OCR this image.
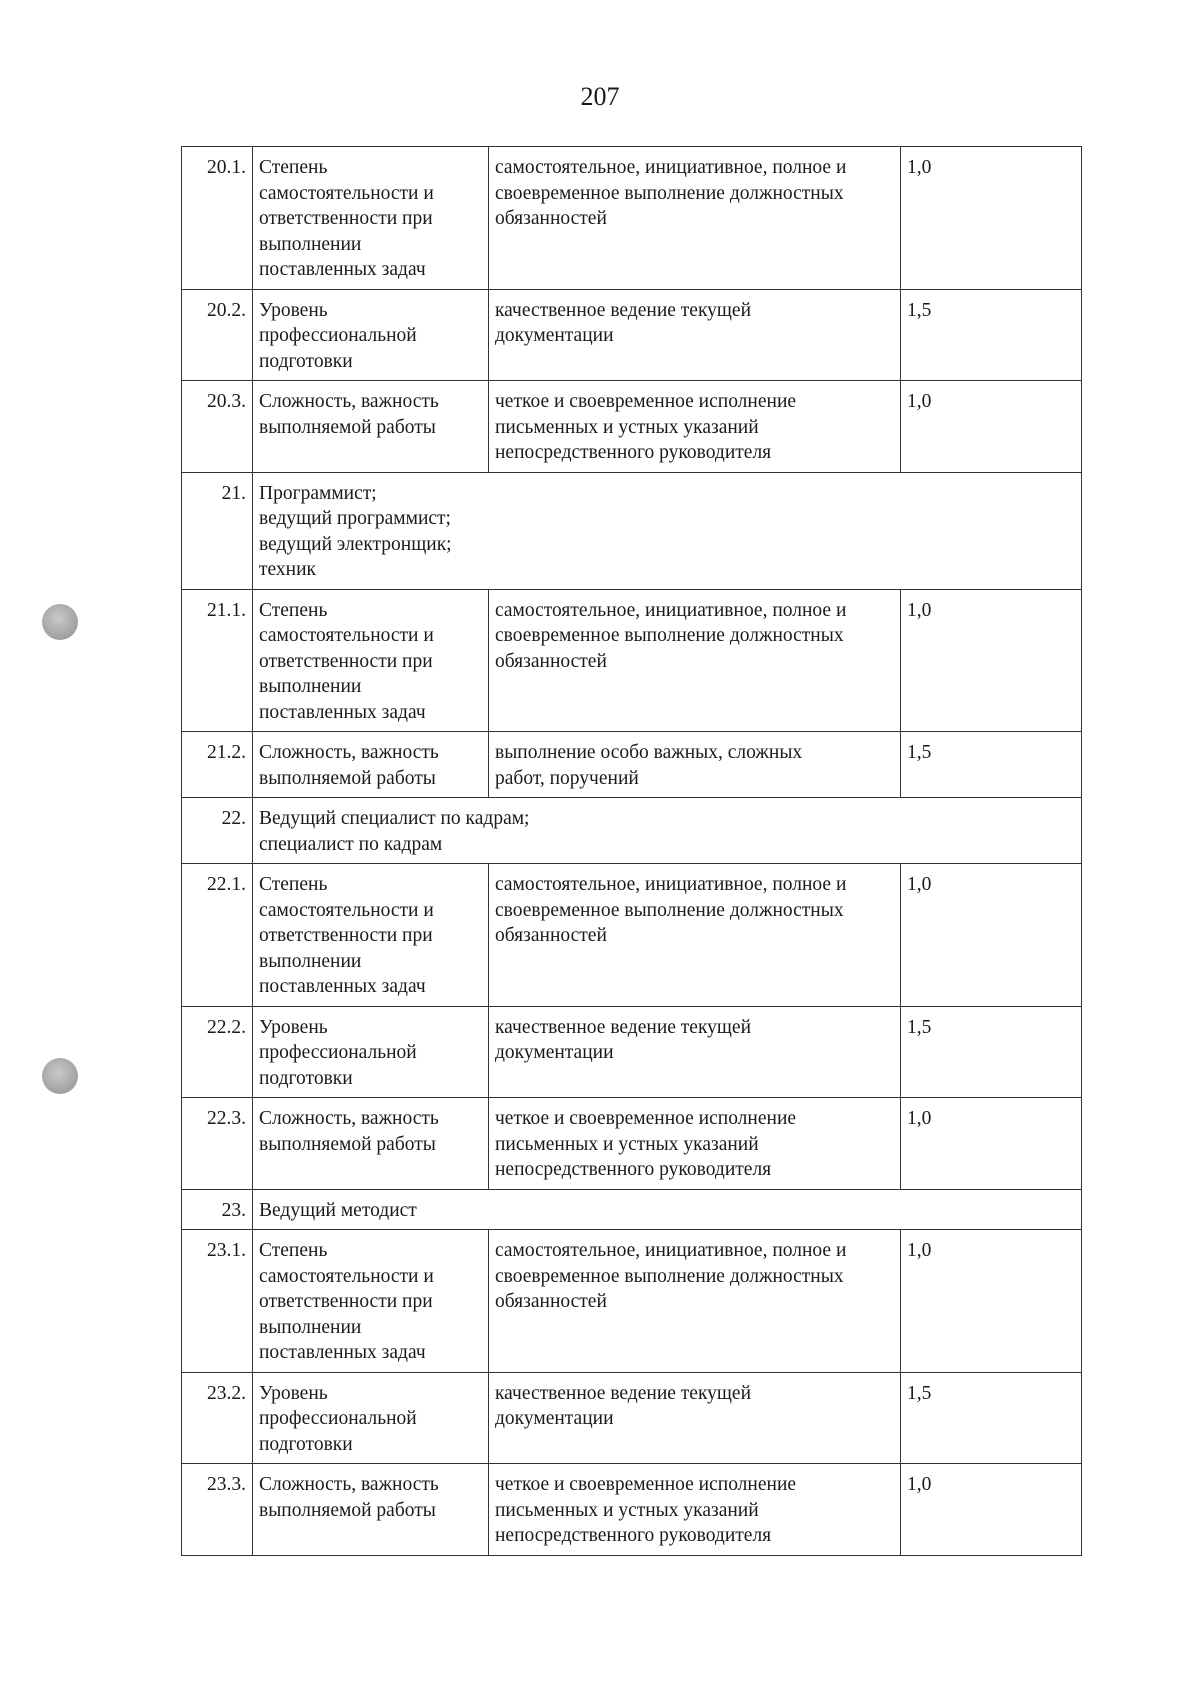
207
20.1.	Степень
самостоятельности и
ответственности при
выполнении
поставленных задач	самостоятельное, инициативное, полное и
своевременное выполнение должностных
обязанностей	1,0
20.2.	Уровень
профессиональной
подготовки	качественное ведение текущей
документации	1,5
20.3.	Сложность, важность
выполняемой работы	четкое и своевременное исполнение
письменных и устных указаний
непосредственного руководителя	1,0
21.	Программист;
ведущий программист;
ведущий электронщик;
техник		
21.1.	Степень
самостоятельности и
ответственности при
выполнении
поставленных задач	самостоятельное, инициативное, полное и
своевременное выполнение должностных
обязанностей	1,0
21.2.	Сложность, важность
выполняемой работы	выполнение особо важных, сложных
работ, поручений	1,5
22.	Ведущий специалист по кадрам;
специалист по кадрам		
22.1.	Степень
самостоятельности и
ответственности при
выполнении
поставленных задач	самостоятельное, инициативное, полное и
своевременное выполнение должностных
обязанностей	1,0
22.2.	Уровень
профессиональной
подготовки	качественное ведение текущей
документации	1,5
22.3.	Сложность, важность
выполняемой работы	четкое и своевременное исполнение
письменных и устных указаний
непосредственного руководителя	1,0
23.	Ведущий методист		
23.1.	Степень
самостоятельности и
ответственности при
выполнении
поставленных задач	самостоятельное, инициативное, полное и
своевременное выполнение должностных
обязанностей	1,0
23.2.	Уровень
профессиональной
подготовки	качественное ведение текущей
документации	1,5
23.3.	Сложность, важность
выполняемой работы	четкое и своевременное исполнение
письменных и устных указаний
непосредственного руководителя	1,0
